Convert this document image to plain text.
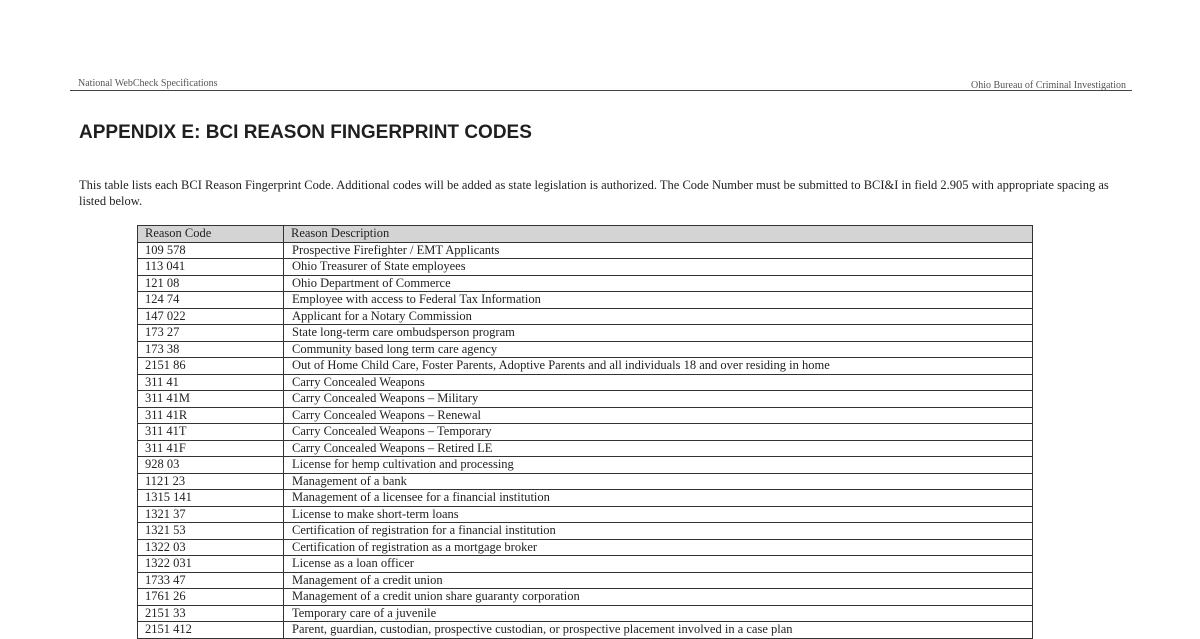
National WebCheck Specifications	Ohio Bureau of Criminal Investigation
APPENDIX E: BCI REASON FINGERPRINT CODES

This table lists each BCI Reason Fingerprint Code. Additional codes will be added as state legislation is authorized. The Code Number must be submitted to BCI&I in field 2.905 with appropriate spacing as listed below.

Reason Code	Reason Description
109 578	Prospective Firefighter / EMT Applicants
113 041	Ohio Treasurer of State employees
121 08	Ohio Department of Commerce
124 74	Employee with access to Federal Tax Information
147 022	Applicant for a Notary Commission
173 27	State long-term care ombudsperson program
173 38	Community based long term care agency
2151 86	Out of Home Child Care, Foster Parents, Adoptive Parents and all individuals 18 and over residing in home
311 41	Carry Concealed Weapons
311 41M	Carry Concealed Weapons – Military
311 41R	Carry Concealed Weapons – Renewal
311 41T	Carry Concealed Weapons – Temporary
311 41F	Carry Concealed Weapons – Retired LE
928 03	License for hemp cultivation and processing
1121 23	Management of a bank
1315 141	Management of a licensee for a financial institution
1321 37	License to make short-term loans
1321 53	Certification of registration for a financial institution
1322 03	Certification of registration as a mortgage broker
1322 031	License as a loan officer
1733 47	Management of a credit union
1761 26	Management of a credit union share guaranty corporation
2151 33	Temporary care of a juvenile
2151 412	Parent, guardian, custodian, prospective custodian, or prospective placement involved in a case plan
